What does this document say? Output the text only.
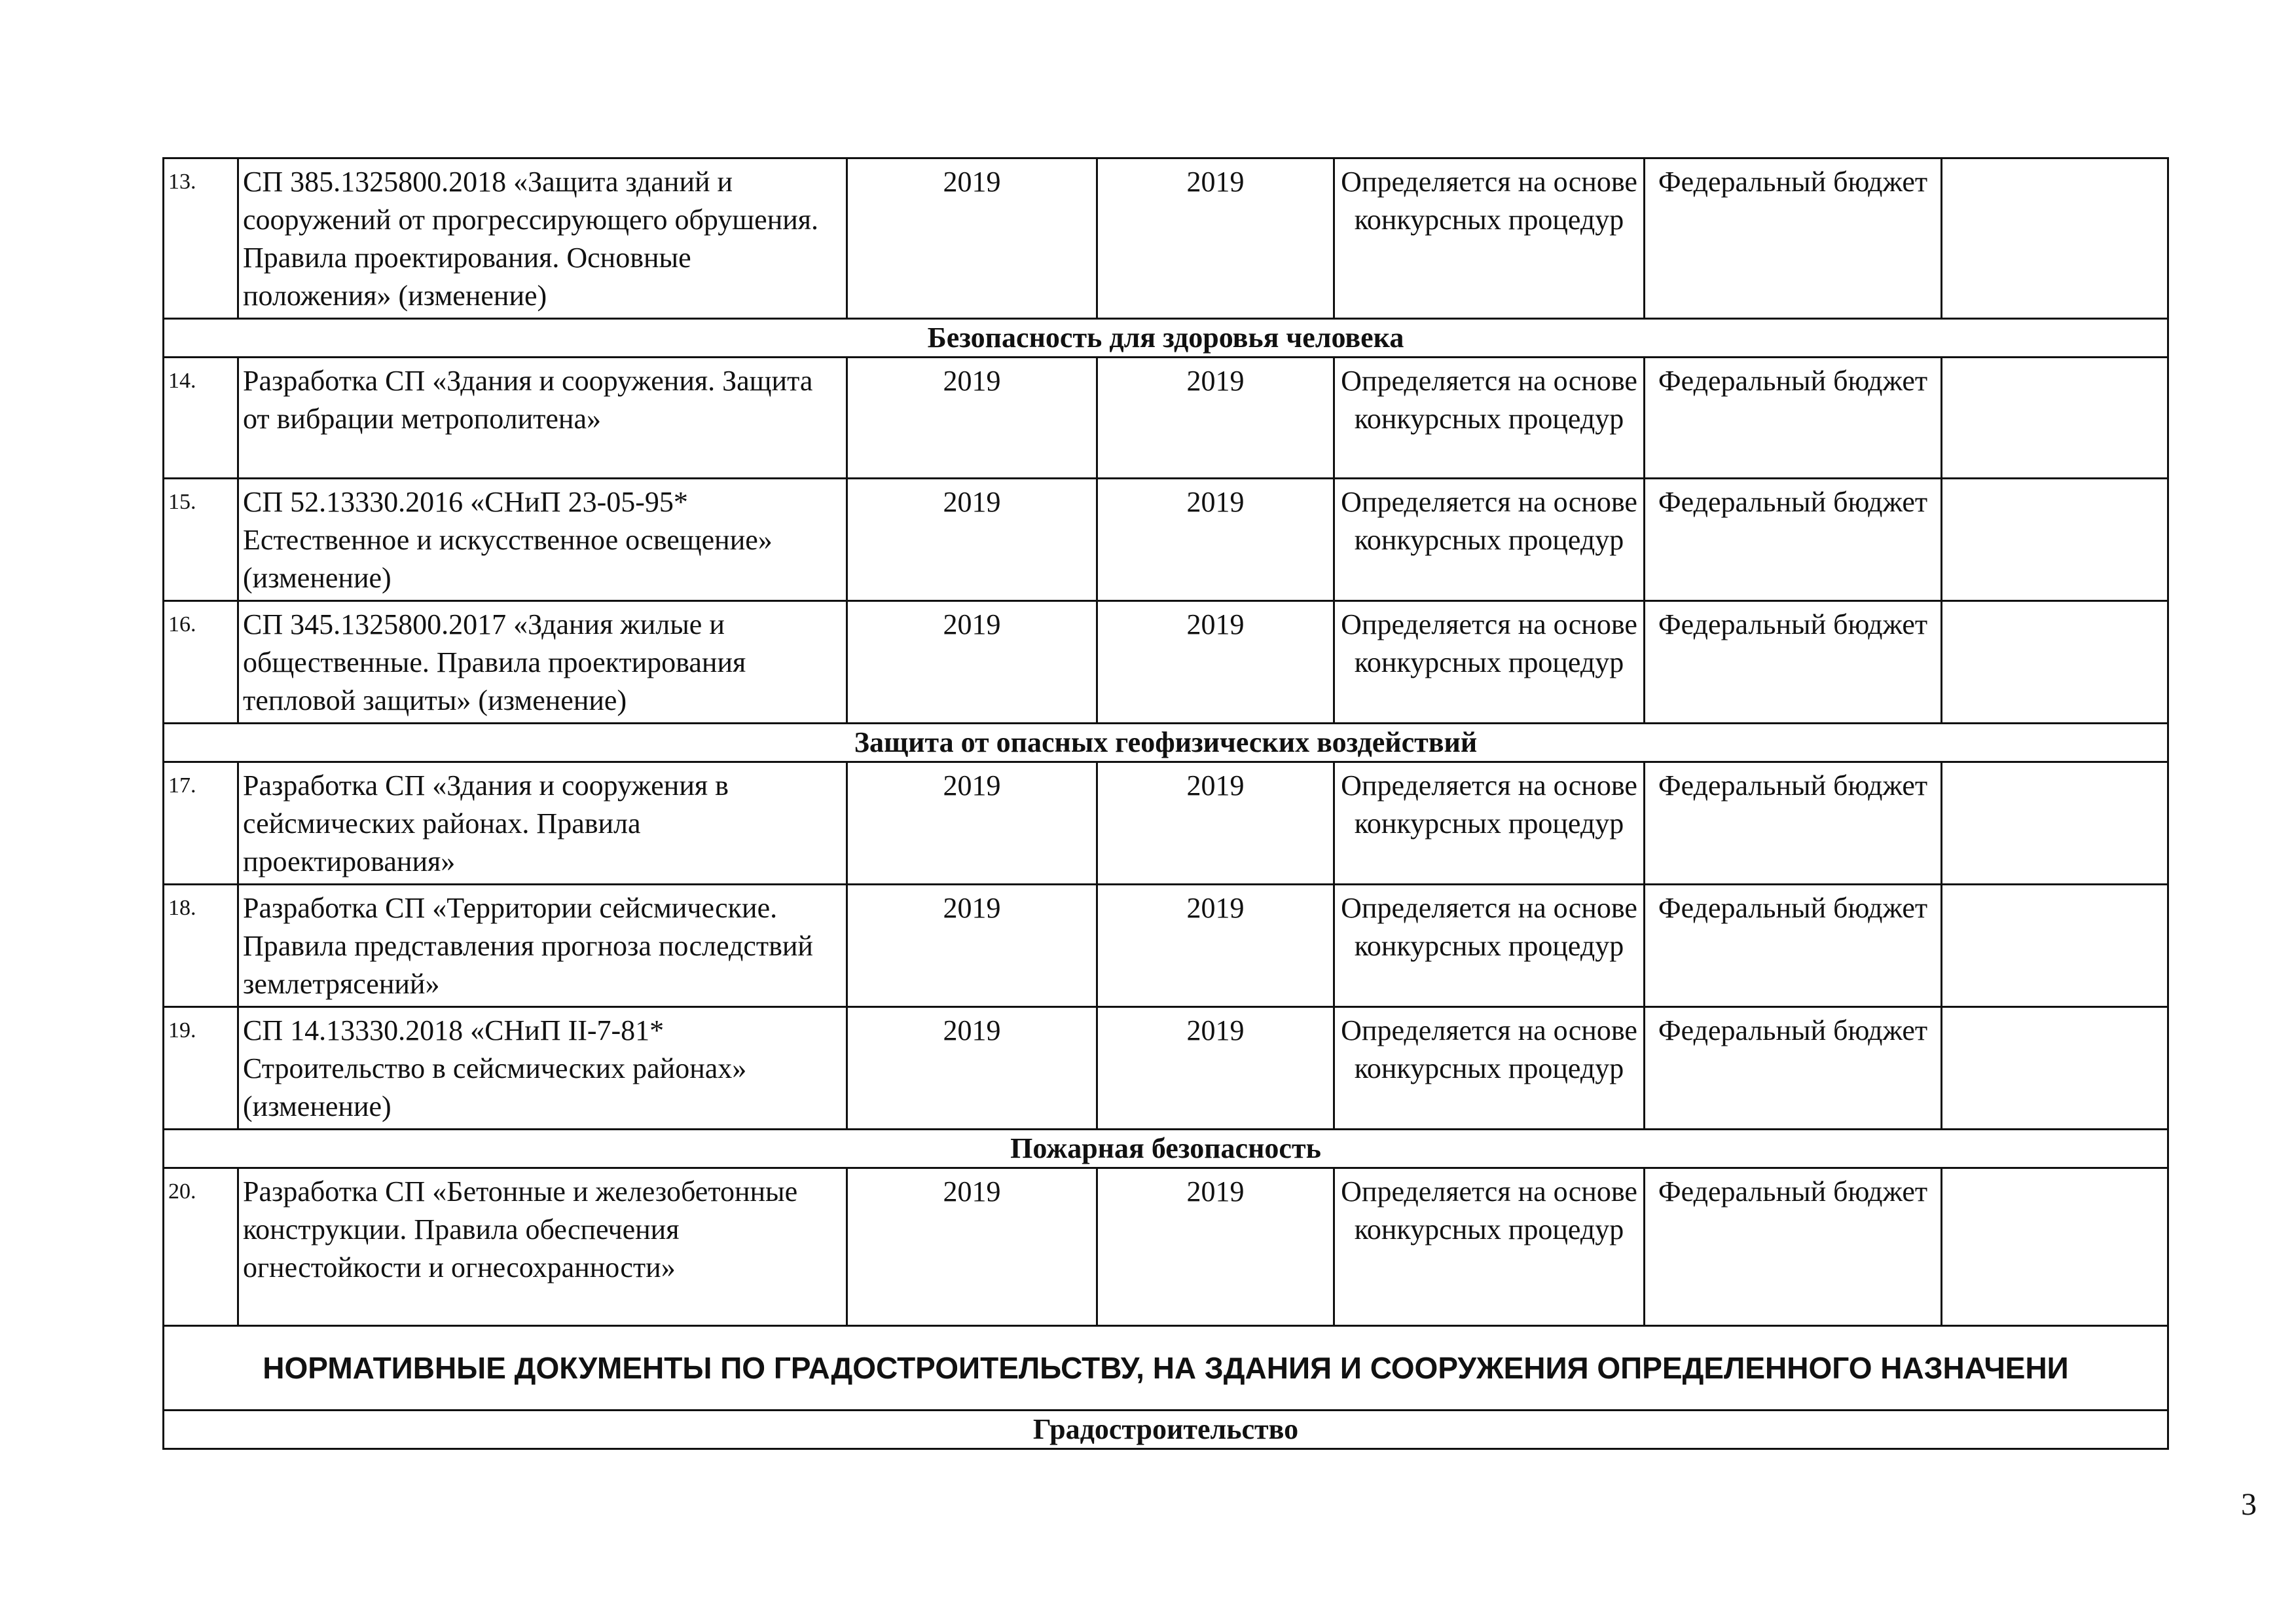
13.	СП 385.1325800.2018 «Защита зданий и сооружений от прогрессирующего обрушения. Правила проектирования. Основные положения» (изменение)	2019	2019	Определяется на основе конкурсных процедур	Федеральный бюджет	
Безопасность для здоровья человека						
14.	Разработка СП «Здания и сооружения. Защита от вибрации метрополитена»	2019	2019	Определяется на основе конкурсных процедур	Федеральный бюджет	
15.	СП 52.13330.2016 «СНиП 23-05-95* Естественное и искусственное освещение» (изменение)	2019	2019	Определяется на основе конкурсных процедур	Федеральный бюджет	
16.	СП 345.1325800.2017 «Здания жилые и общественные. Правила проектирования тепловой защиты» (изменение)	2019	2019	Определяется на основе конкурсных процедур	Федеральный бюджет	
Защита от опасных геофизических воздействий						
17.	Разработка СП «Здания и сооружения в сейсмических районах. Правила проектирования»	2019	2019	Определяется на основе конкурсных процедур	Федеральный бюджет	
18.	Разработка СП «Территории сейсмические. Правила представления прогноза последствий землетрясений»	2019	2019	Определяется на основе конкурсных процедур	Федеральный бюджет	
19.	СП 14.13330.2018 «СНиП II-7-81* Строительство в сейсмических районах» (изменение)	2019	2019	Определяется на основе конкурсных процедур	Федеральный бюджет	
Пожарная безопасность						
20.	Разработка СП «Бетонные и железобетонные конструкции. Правила обеспечения огнестойкости и огнесохранности»	2019	2019	Определяется на основе конкурсных процедур	Федеральный бюджет	
НОРМАТИВНЫЕ ДОКУМЕНТЫ ПО ГРАДОСТРОИТЕЛЬСТВУ, НА ЗДАНИЯ И СООРУЖЕНИЯ ОПРЕДЕЛЕННОГО НАЗНАЧЕНИ						
Градостроительство						
3
